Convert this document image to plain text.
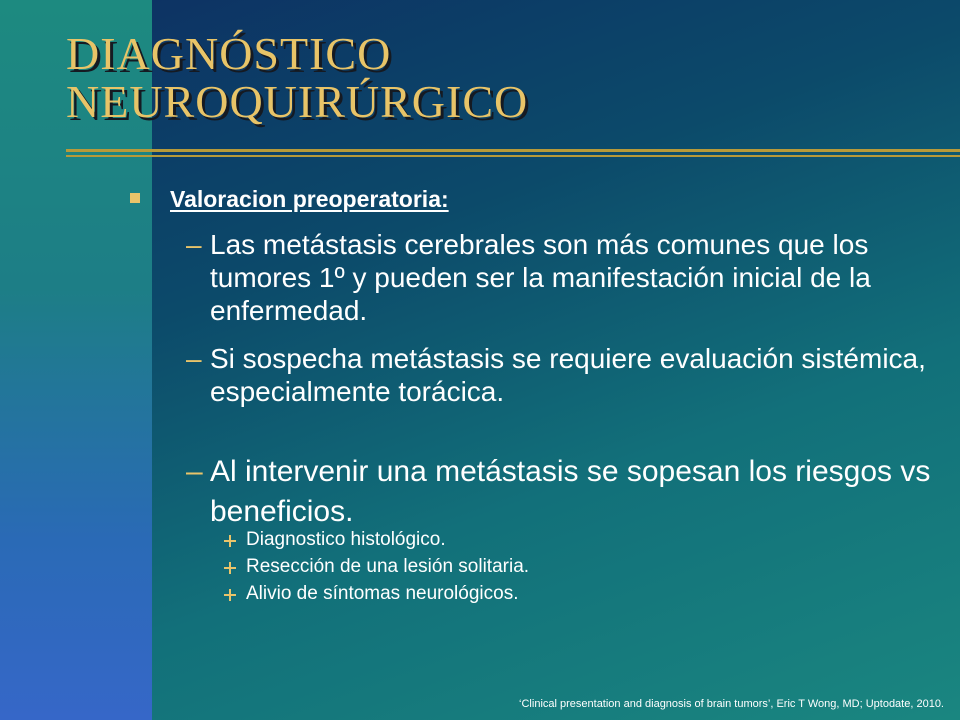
DIAGNÓSTICO
NEUROQUIRÚRGICO
Valoracion preoperatoria:
– Las metástasis cerebrales son más comunes que los tumores 1º y pueden ser la manifestación inicial de la enfermedad.
– Si sospecha metástasis se requiere evaluación sistémica, especialmente torácica.
– Al intervenir una metástasis se sopesan los riesgos vs beneficios.
Diagnostico histológico.
Resección de una lesión solitaria.
Alivio de síntomas neurológicos.
‘Clinical presentation and diagnosis of brain tumors’, Eric T Wong, MD; Uptodate, 2010.
